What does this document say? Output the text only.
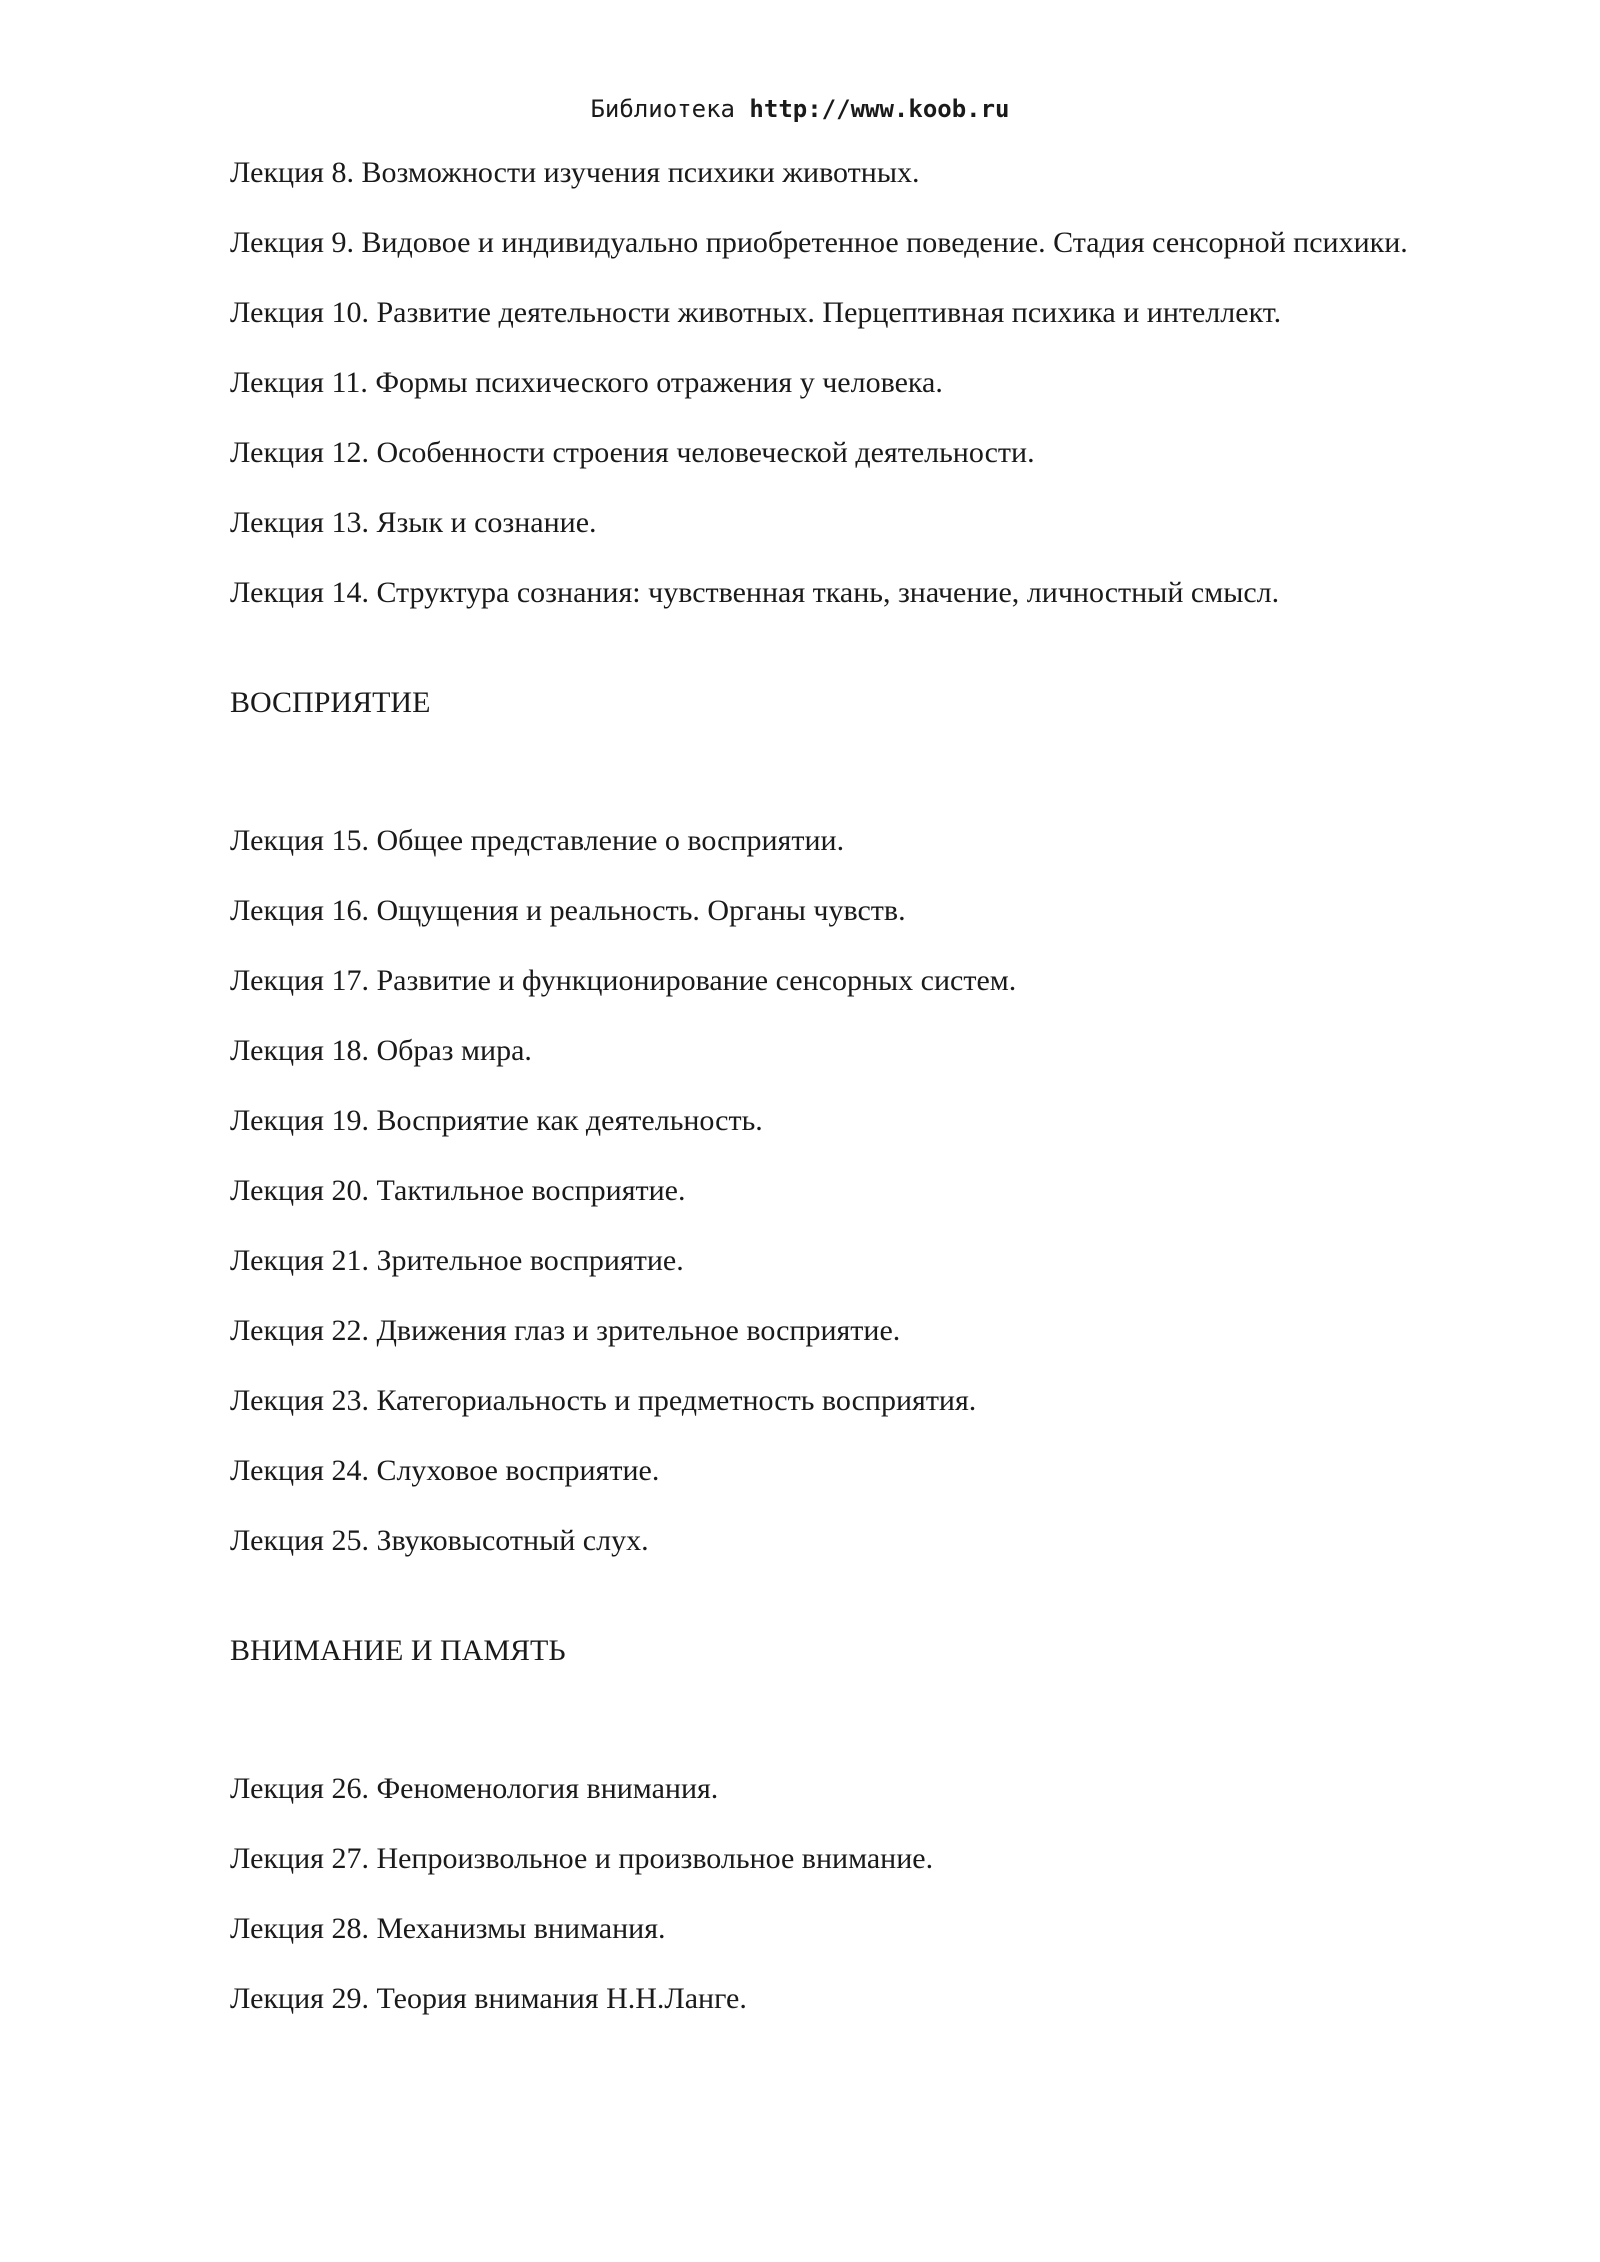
Библиотека http://www.koob.ru

Лекция 8. Возможности изучения психики животных.

Лекция 9. Видовое и индивидуально приобретенное поведение. Стадия сенсорной психики.

Лекция 10. Развитие деятельности животных. Перцептивная психика и интеллект.

Лекция 11. Формы психического отражения у человека.

Лекция 12. Особенности строения человеческой деятельности.

Лекция 13. Язык и сознание.

Лекция 14. Структура сознания: чувственная ткань, значение, личностный смысл.

ВОСПРИЯТИЕ

Лекция 15. Общее представление о восприятии.

Лекция 16. Ощущения и реальность. Органы чувств.

Лекция 17. Развитие и функционирование сенсорных систем.

Лекция 18. Образ мира.

Лекция 19. Восприятие как деятельность.

Лекция 20. Тактильное восприятие.

Лекция 21. Зрительное восприятие.

Лекция 22. Движения глаз и зрительное восприятие.

Лекция 23. Категориальность и предметность восприятия.

Лекция 24. Слуховое восприятие.

Лекция 25. Звуковысотный слух.

ВНИМАНИЕ И ПАМЯТЬ

Лекция 26. Феноменология внимания.

Лекция 27. Непроизвольное и произвольное внимание.

Лекция 28. Механизмы внимания.

Лекция 29. Теория внимания Н.Н.Ланге.
